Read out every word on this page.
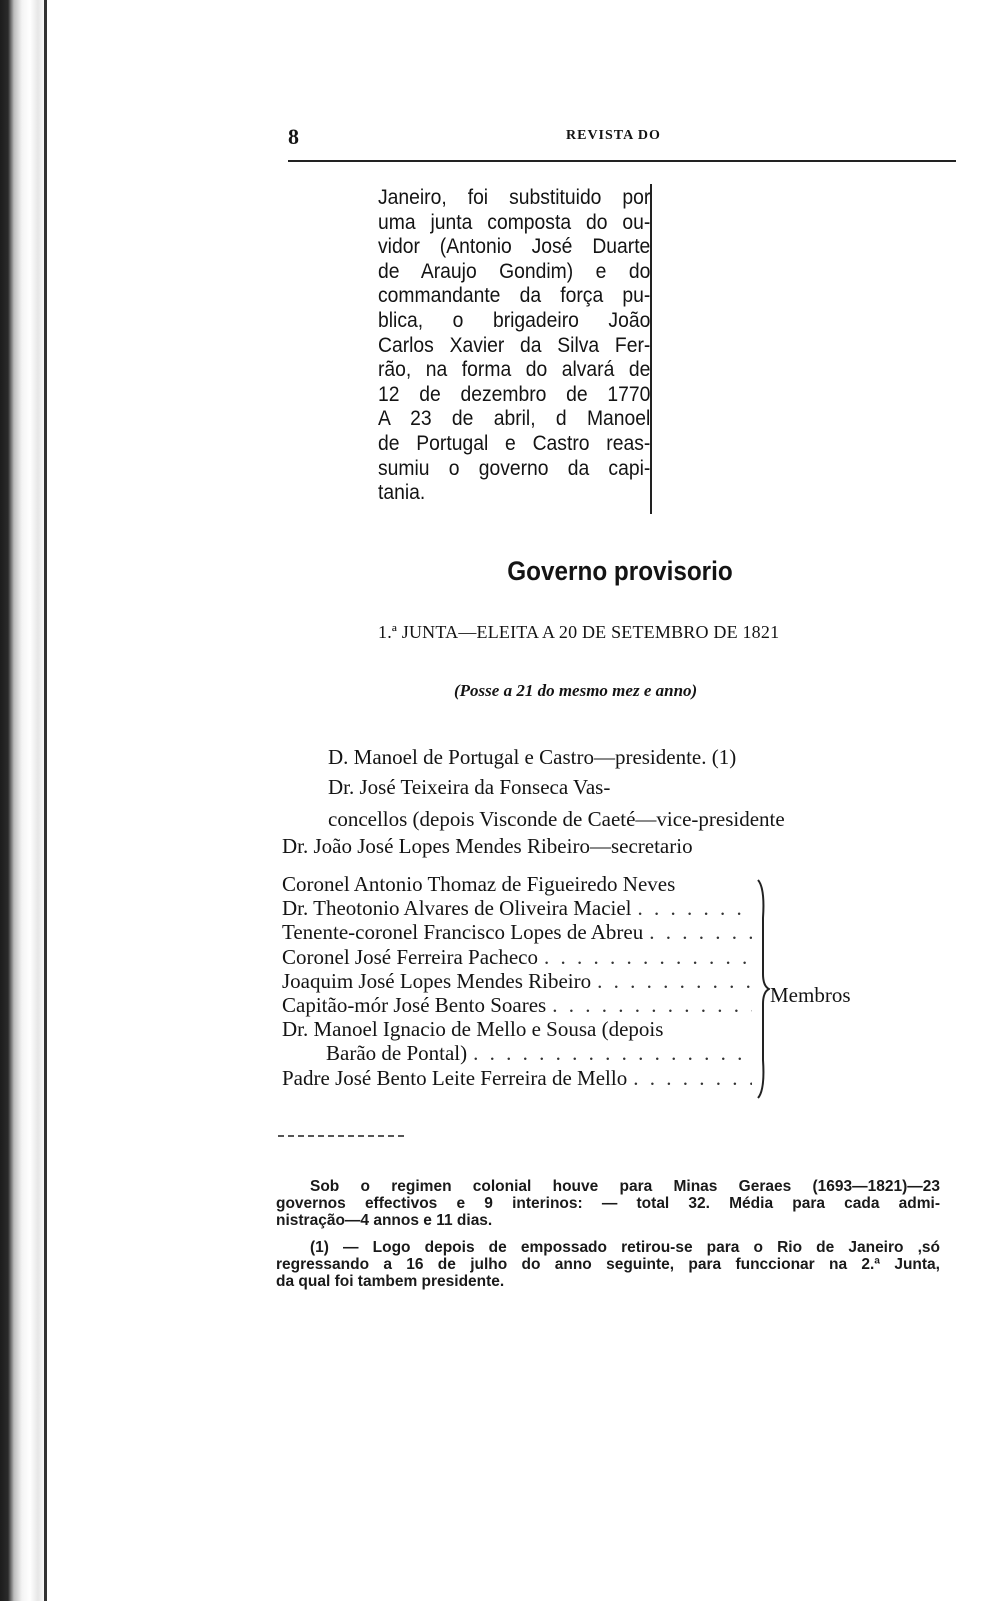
8	REVISTA DO
Janeiro, foi substituido por
uma junta composta do ou-
vidor (Antonio José Duarte
de Araujo Gondim) e do
commandante da força pu-
blica, o brigadeiro João
Carlos Xavier da Silva Fer-
rão, na forma do alvará de
12 de dezembro de 1770
A 23 de abril, d Manoel
de Portugal e Castro reas-
sumiu o governo da capi-
tania.
Governo provisorio
1.ª JUNTA—ELEITA A 20 DE SETEMBRO DE 1821
(Posse a 21 do mesmo mez e anno)
D. Manoel de Portugal e Castro—presidente. (1)
Dr. José Teixeira da Fonseca Vas-
concellos (depois Visconde de Caeté—vice-presidente
Dr. João José Lopes Mendes Ribeiro—secretario
Coronel Antonio Thomaz de Figueiredo Neves
Dr. Theotonio Alvares de Oliveira Maciel
. . .
Tenente-coronel Francisco Lopes de Abreu
. . .
Coronel José Ferreira Pacheco
. . .
Joaquim José Lopes Mendes Ribeiro
. . .
Capitão-mór José Bento Soares
. . .
Dr. Manoel Ignacio de Mello e Sousa (depois
Barão de Pontal)
. . .
Padre José Bento Leite Ferreira de Mello
. . .
Membros
Sob o regimen colonial houve para Minas Geraes (1693—1821)—23
governos effectivos e 9 interinos: — total 32. Média para cada admi-
nistração—4 annos e 11 dias.
(1) — Logo depois de empossado retirou-se para o Rio de Janeiro ,só
regressando a 16 de julho do anno seguinte, para funccionar na 2.ª Junta,
da qual foi tambem presidente.
